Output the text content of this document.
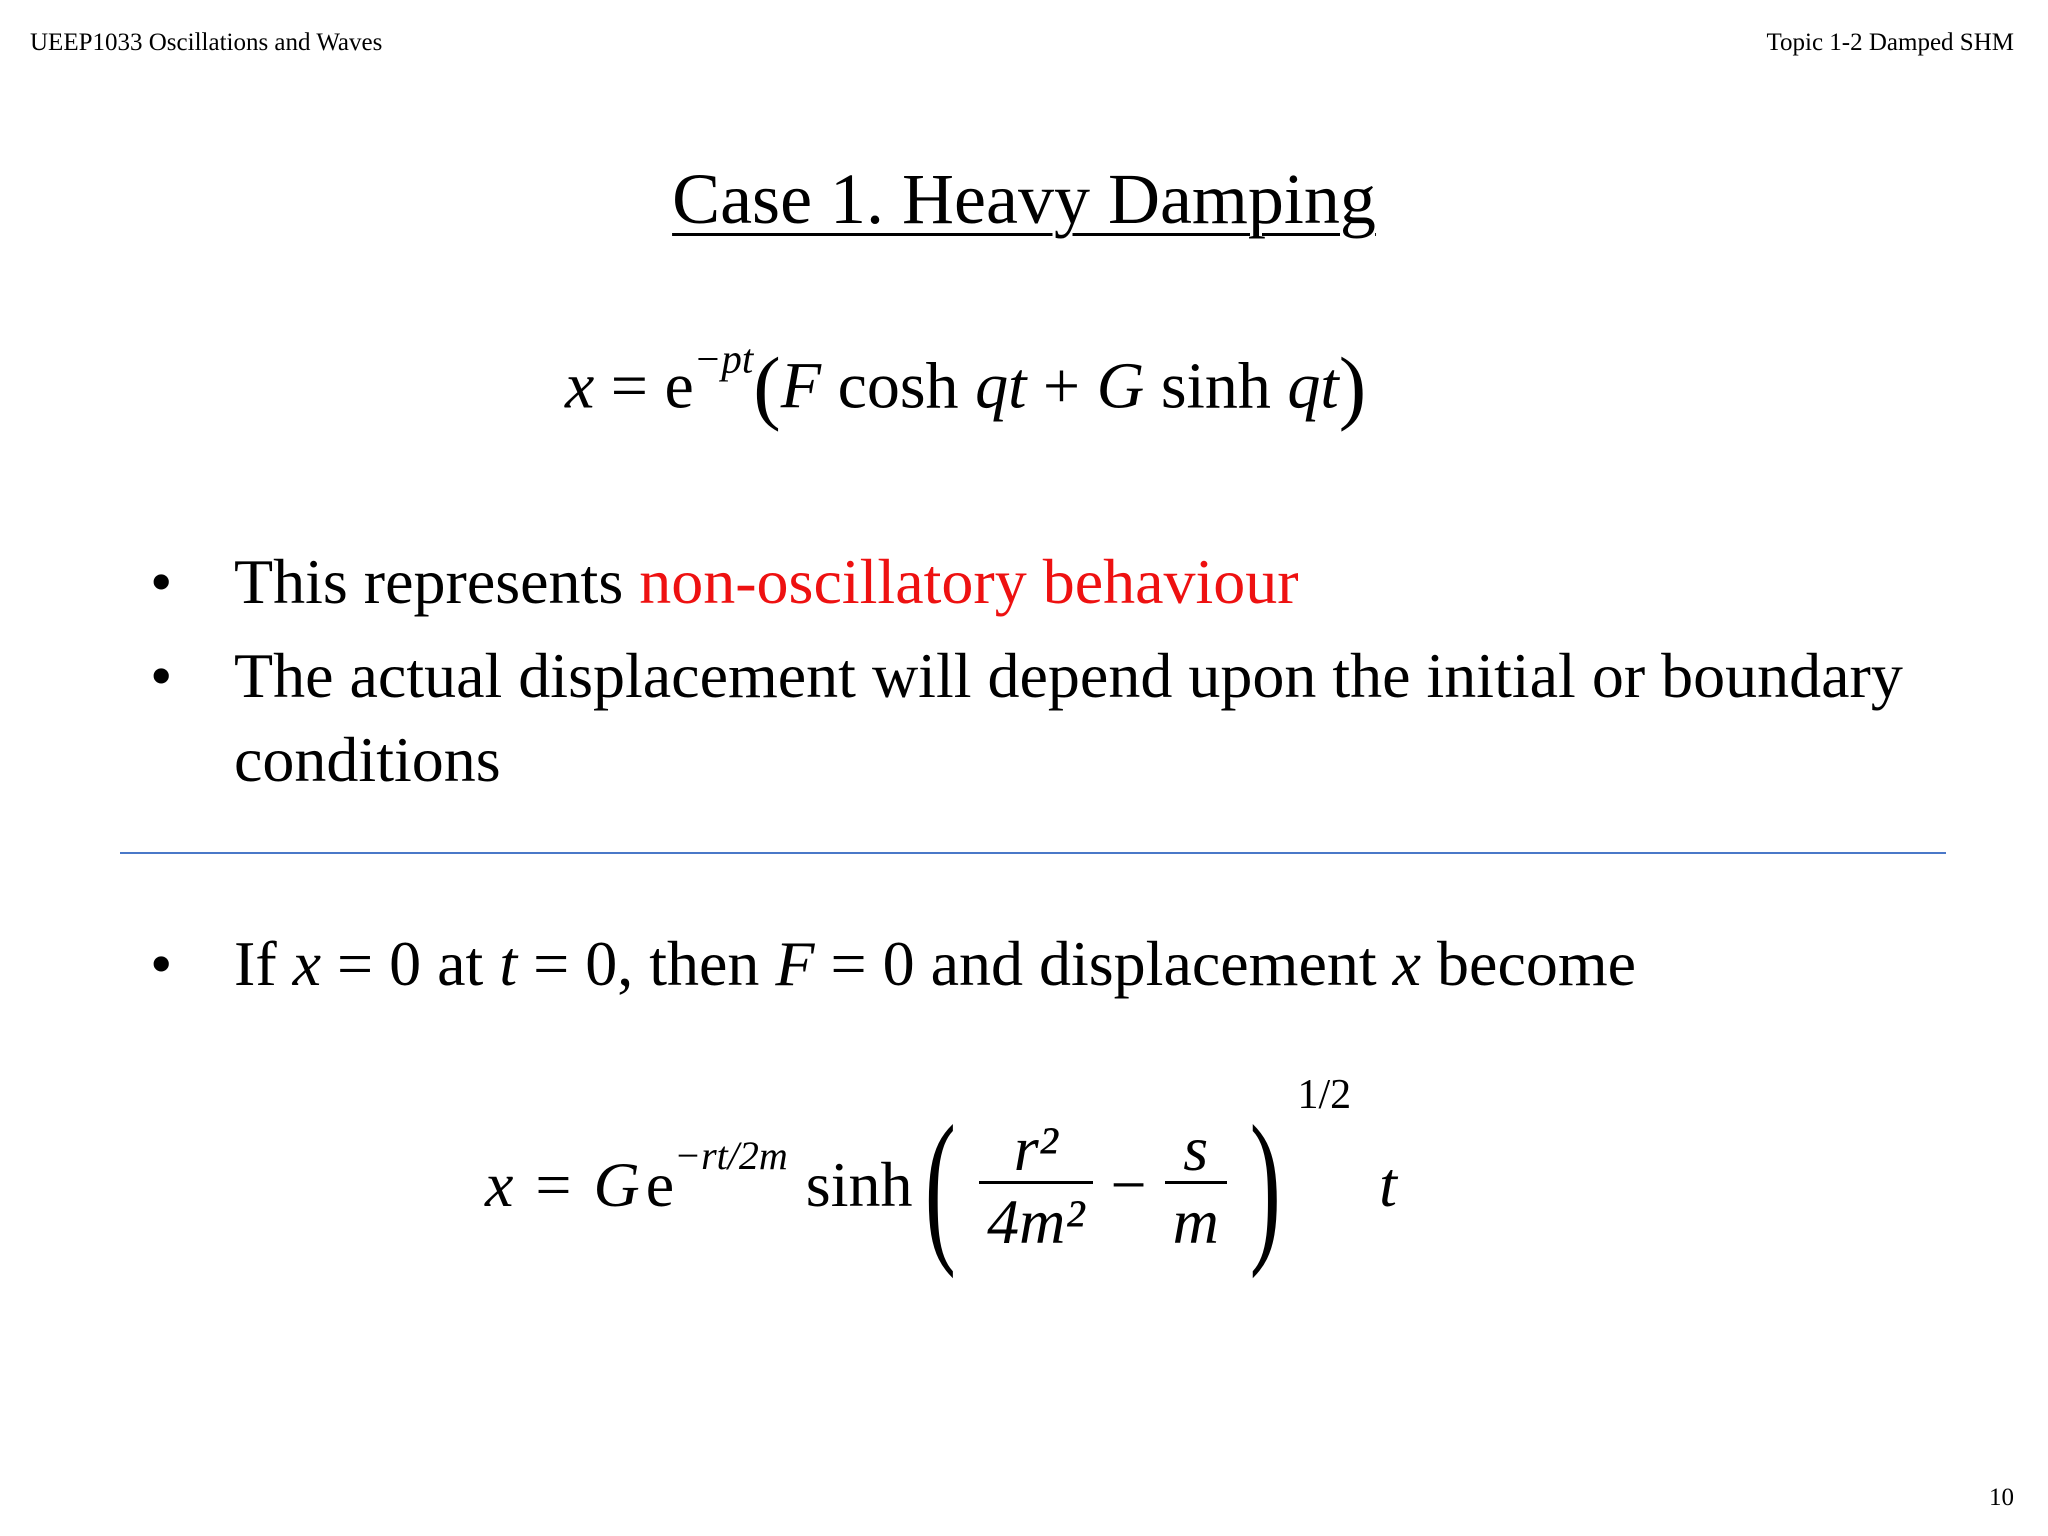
UEEP1033 Oscillations and Waves	Topic 1-2 Damped SHM
Case 1. Heavy Damping
$x = e^{-pt}(F$ cosh qt + G sinh qt)
• This represents non-oscillatory behaviour
• The actual displacement will depend upon the initial or boundary conditions
• If x = 0 at t = 0, then F = 0 and displacement x become
x = G e −rt/2m sinh ( $\frac{\text{r²}}{\text{4m²}} - \frac{s}{m}$ ) 1/2
t
10
